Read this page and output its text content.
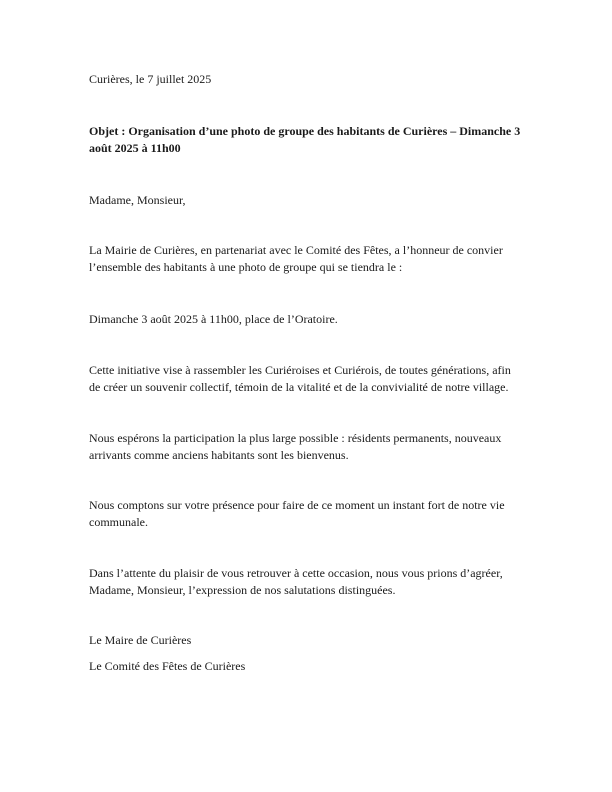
Curières, le 7 juillet 2025

Objet : Organisation d’une photo de groupe des habitants de Curières – Dimanche 3
août 2025 à 11h00

Madame, Monsieur,

La Mairie de Curières, en partenariat avec le Comité des Fêtes, a l’honneur de convier
l’ensemble des habitants à une photo de groupe qui se tiendra le :

Dimanche 3 août 2025 à 11h00, place de l’Oratoire.

Cette initiative vise à rassembler les Curiéroises et Curiérois, de toutes générations, afin
de créer un souvenir collectif, témoin de la vitalité et de la convivialité de notre village.

Nous espérons la participation la plus large possible : résidents permanents, nouveaux
arrivants comme anciens habitants sont les bienvenus.

Nous comptons sur votre présence pour faire de ce moment un instant fort de notre vie
communale.

Dans l’attente du plaisir de vous retrouver à cette occasion, nous vous prions d’agréer,
Madame, Monsieur, l’expression de nos salutations distinguées.

Le Maire de Curières

Le Comité des Fêtes de Curières
